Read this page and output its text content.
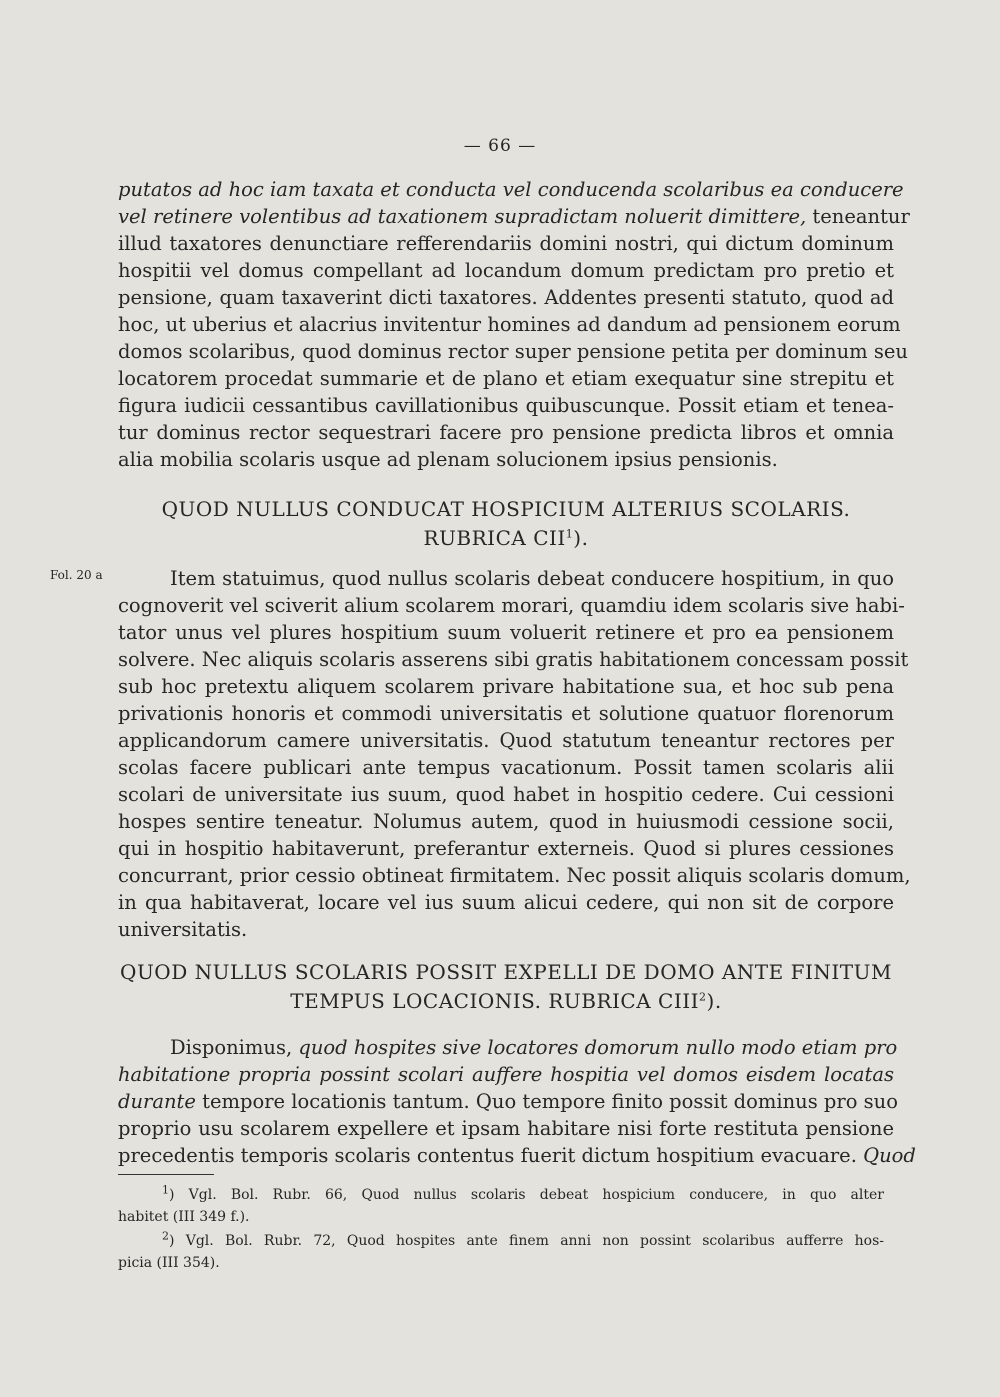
— 66 —
putatos ad hoc iam taxata et conducta vel conducenda scolaribus ea conducere
vel retinere volentibus ad taxationem supradictam noluerit dimittere, teneantur
illud taxatores denunctiare refferendariis domini nostri, qui dictum dominum
hospitii vel domus compellant ad locandum domum predictam pro pretio et
pensione, quam taxaverint dicti taxatores. Addentes presenti statuto, quod ad
hoc, ut uberius et alacrius invitentur homines ad dandum ad pensionem eorum
domos scolaribus, quod dominus rector super pensione petita per dominum seu
locatorem procedat summarie et de plano et etiam exequatur sine strepitu et
figura iudicii cessantibus cavillationibus quibuscunque. Possit etiam et tenea-
tur dominus rector sequestrari facere pro pensione predicta libros et omnia
alia mobilia scolaris usque ad plenam solucionem ipsius pensionis.
QUOD NULLUS CONDUCAT HOSPICIUM ALTERIUS SCOLARIS.
RUBRICA CII$^1$).
Fol. 20 a	Item statuimus, quod nullus scolaris debeat conducere hospitium, in quo
cognoverit vel sciverit alium scolarem morari, quamdiu idem scolaris sive habi-
tator unus vel plures hospitium suum voluerit retinere et pro ea pensionem
solvere. Nec aliquis scolaris asserens sibi gratis habitationem concessam possit
sub hoc pretextu aliquem scolarem privare habitatione sua, et hoc sub pena
privationis honoris et commodi universitatis et solutione quatuor florenorum
applicandorum camere universitatis. Quod statutum teneantur rectores per
scolas facere publicari ante tempus vacationum. Possit tamen scolaris alii
scolari de universitate ius suum, quod habet in hospitio cedere. Cui cessioni
hospes sentire teneatur. Nolumus autem, quod in huiusmodi cessione socii,
qui in hospitio habitaverunt, preferantur externeis. Quod si plures cessiones
concurrant, prior cessio obtineat firmitatem. Nec possit aliquis scolaris domum,
in qua habitaverat, locare vel ius suum alicui cedere, qui non sit de corpore
universitatis.
QUOD NULLUS SCOLARIS POSSIT EXPELLI DE DOMO ANTE FINITUM
TEMPUS LOCACIONIS. RUBRICA CIII$^2$).
Disponimus, quod hospites sive locatores domorum nullo modo etiam pro
habitatione propria possint scolari auffere hospitia vel domos eisdem locatas
durante tempore locationis tantum. Quo tempore finito possit dominus pro suo
proprio usu scolarem expellere et ipsam habitare nisi forte restituta pensione
precedentis temporis scolaris contentus fuerit dictum hospitium evacuare. Quod
$^1$) Vgl. Bol. Rubr. 66, Quod nullus scolaris debeat hospicium conducere, in quo alter
habitet (III 349 f.).
$^2$) Vgl. Bol. Rubr. 72, Quod hospites ante finem anni non possint scolaribus aufferre hos-
picia (III 354).
